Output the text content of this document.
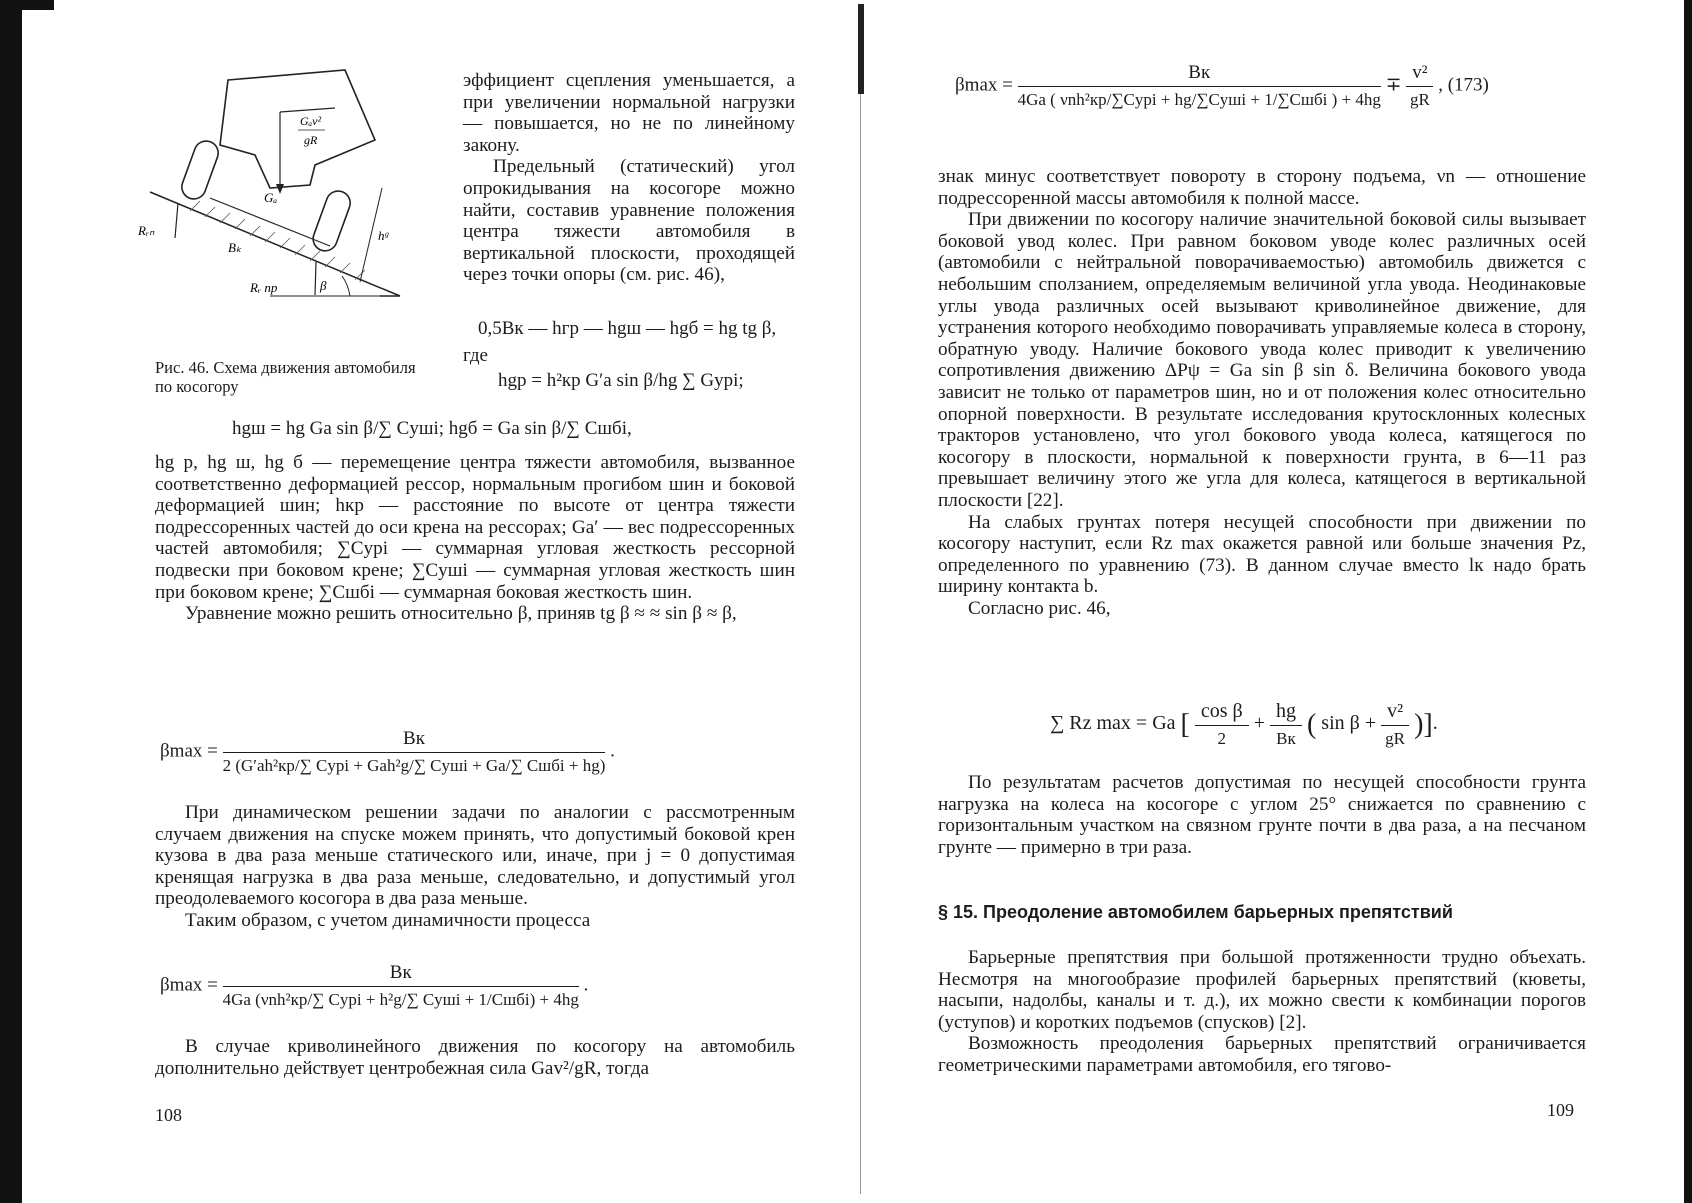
Gₐv²
gR
Gₐ
Rᵣₙ
Bₖ
Rᵣ пр
hᵍ
β
Рис. 46. Схема движения автомобиля по косогору

эффициент сцепления уменьшается, а при увеличении нормальной нагрузки — повышается, но не по линейному закону.

Предельный (статический) угол опрокидывания на косогоре можно найти, составив уравнение положения центра тяжести автомобиля в вертикальной плоскости, проходящей через точки опоры (см. рис. 46),

0,5Bк — hгр — hgш — hgб = hg tg β,
где
hgр = h²кр G′а sin β/hg ∑ Gyрi;
hgш = hg Gа sin β/∑ Cyшi; hgб = Gа sin β/∑ Cшбi,

hg р, hg ш, hg б — перемещение центра тяжести автомобиля, вызванное соответственно деформацией рессор, нормальным прогибом шин и боковой деформацией шин; hкр — расстояние по высоте от центра тяжести подрессоренных частей до оси крена на рессорах; Gа′ — вес подрессоренных частей автомобиля; ∑Cyрi — суммарная угловая жесткость рессорной подвески при боковом крене; ∑Cyшi — суммарная угловая жесткость шин при боковом крене; ∑Cшбi — суммарная боковая жесткость шин.

Уравнение можно решить относительно β, приняв tg β ≈ ≈ sin β ≈ β,

$\beta\max = \frac{Bк}{\text{2 (G′аh²кр/∑ Cyрi + Gаh²g/∑ Cyшi + Gа/∑ Cшбi + hg)}}$ .

При динамическом решении задачи по аналогии с рассмотренным случаем движения на спуске можем принять, что допустимый боковой крен кузова в два раза меньше статического или, иначе, при j = 0 допустимая кренящая нагрузка в два раза меньше, следовательно, и допустимый угол преодолеваемого косогора в два раза меньше.

Таким образом, с учетом динамичности процесса

$\beta\max = \frac{Bк}{\text{4Gа (νnh²кр/∑ Cyрi + h²g/∑ Cyшi + 1/Cшбi) + 4hg}}$ .

В случае криволинейного движения по косогору на автомобиль дополнительно действует центробежная сила Gаv²/gR, тогда

108
$\beta\max = \frac{Bк}{\text{4Gа ( νnh²кр/∑Cyрi + hg/∑Cyшi + 1/∑Cшбi ) + 4hg}} \mp \frac{\text{v²}}{gR}$ , (173)

знак минус соответствует повороту в сторону подъема, νn — отношение подрессоренной массы автомобиля к полной массе.

При движении по косогору наличие значительной боковой силы вызывает боковой увод колес. При равном боковом уводе колес различных осей (автомобили с нейтральной поворачиваемостью) автомобиль движется с небольшим сползанием, определяемым величиной угла увода. Неодинаковые углы увода различных осей вызывают криволинейное движение, для устранения которого необходимо поворачивать управляемые колеса в сторону, обратную уводу. Наличие бокового увода колес приводит к увеличению сопротивления движению ΔPψ = Gа sin β sin δ. Величина бокового увода зависит не только от параметров шин, но и от положения колес относительно опорной поверхности. В результате исследования крутосклонных колесных тракторов установлено, что угол бокового увода колеса, катящегося по косогору в плоскости, нормальной к поверхности грунта, в 6—11 раз превышает величину этого же угла для колеса, катящегося в вертикальной плоскости [22].

На слабых грунтах потеря несущей способности при движении по косогору наступит, если Rz max окажется равной или больше значения Pz, определенного по уравнению (73). В данном случае вместо lк надо брать ширину контакта b.

Согласно рис. 46,

∑ Rz max = Gа [ $\frac{\text{cos β}}{2} + \frac{hg}{Bк}$ ( $\sin \beta + \frac{\text{v²}}{gR}$ )].

По результатам расчетов допустимая по несущей способности грунта нагрузка на колеса на косогоре с углом 25° снижается по сравнению с горизонтальным участком на связном грунте почти в два раза, а на песчаном грунте — примерно в три раза.

§ 15. Преодоление автомобилем барьерных препятствий

Барьерные препятствия при большой протяженности трудно объехать. Несмотря на многообразие профилей барьерных препятствий (кюветы, насыпи, надолбы, каналы и т. д.), их можно свести к комбинации порогов (уступов) и коротких подъемов (спусков) [2].

Возможность преодоления барьерных препятствий ограничивается геометрическими параметрами автомобиля, его тягово-

109
